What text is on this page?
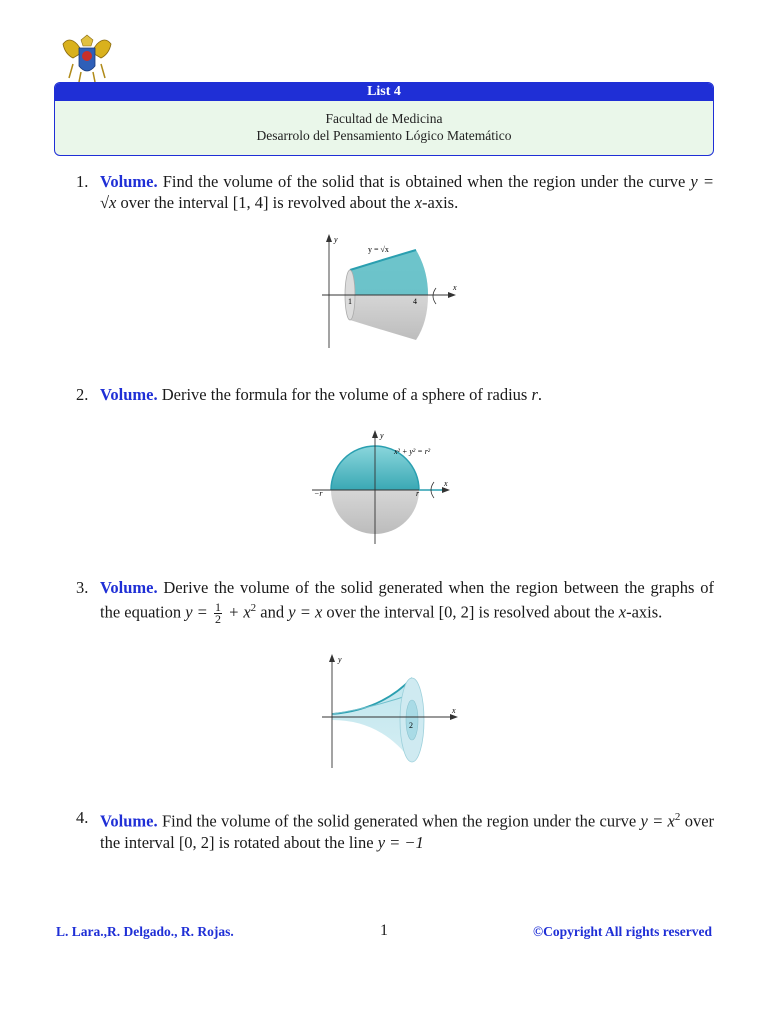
List 4
Facultad de Medicina
Desarrolo del Pensamiento Lógico Matemático
1. Volume. Find the volume of the solid that is obtained when the region under the curve y = √x over the interval [1, 4] is revolved about the x-axis.
y
x
y = √x
1	4
2. Volume. Derive the formula for the volume of a sphere of radius r.
y
x
x² + y² = r²
−r	r
3. Volume. Derive the volume of the solid generated when the region between the graphs of the equation $y = \frac{1}{2} + x^2$ and y = x over the interval [0, 2] is resolved about the x-axis.
y
x
2
4. Volume. Find the volume of the solid generated when the region under the curve $y = x^2$ over the interval [0, 2] is rotated about the line y = −1
L. Lara.,R. Delgado., R. Rojas.	1	©Copyright All rights reserved
